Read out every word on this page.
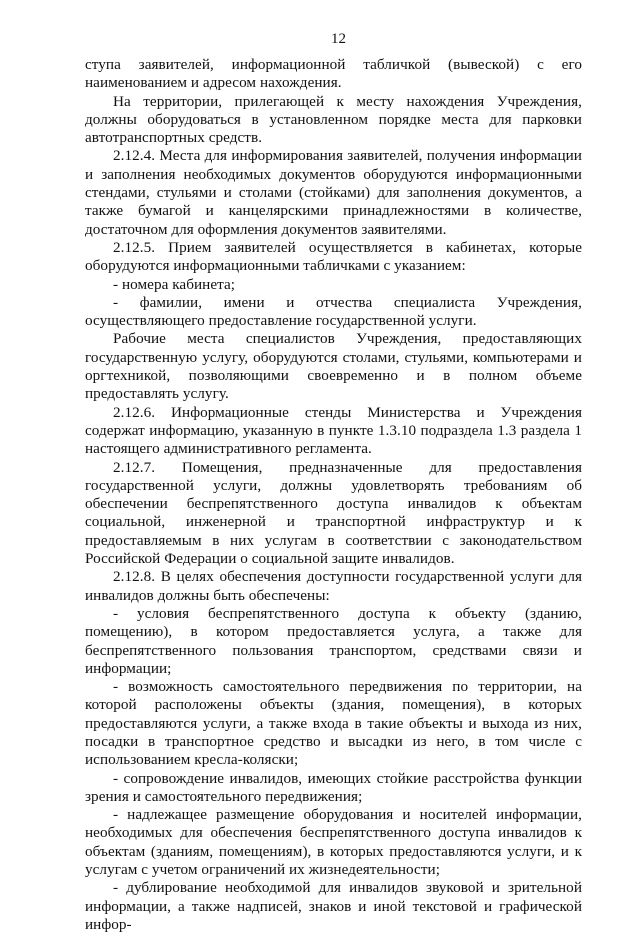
12

ступа заявителей, информационной табличкой (вывеской) с его наименованием и адресом нахождения.

На территории, прилегающей к месту нахождения Учреждения, должны оборудоваться в установленном порядке места для парковки автотранспортных средств.

2.12.4. Места для информирования заявителей, получения информации и заполнения необходимых документов оборудуются информационными стендами, стульями и столами (стойками) для заполнения документов, а также бумагой и канцелярскими принадлежностями в количестве, достаточном для оформления документов заявителями.

2.12.5. Прием заявителей осуществляется в кабинетах, которые оборудуются информационными табличками с указанием:

- номера кабинета;

- фамилии, имени и отчества специалиста Учреждения, осуществляющего предоставление государственной услуги.

Рабочие места специалистов Учреждения, предоставляющих государственную услугу, оборудуются столами, стульями, компьютерами и оргтехникой, позволяющими своевременно и в полном объеме предоставлять услугу.

2.12.6. Информационные стенды Министерства и Учреждения содержат информацию, указанную в пункте 1.3.10 подраздела 1.3 раздела 1 настоящего административного регламента.

2.12.7. Помещения, предназначенные для предоставления государственной услуги, должны удовлетворять требованиям об обеспечении беспрепятственного доступа инвалидов к объектам социальной, инженерной и транспортной инфраструктур и к предоставляемым в них услугам в соответствии с законодательством Российской Федерации о социальной защите инвалидов.

2.12.8. В целях обеспечения доступности государственной услуги для инвалидов должны быть обеспечены:

- условия беспрепятственного доступа к объекту (зданию, помещению), в котором предоставляется услуга, а также для беспрепятственного пользования транспортом, средствами связи и информации;

- возможность самостоятельного передвижения по территории, на которой расположены объекты (здания, помещения), в которых предоставляются услуги, а также входа в такие объекты и выхода из них, посадки в транспортное средство и высадки из него, в том числе с использованием кресла-коляски;

- сопровождение инвалидов, имеющих стойкие расстройства функции зрения и самостоятельного передвижения;

- надлежащее размещение оборудования и носителей информации, необходимых для обеспечения беспрепятственного доступа инвалидов к объектам (зданиям, помещениям), в которых предоставляются услуги, и к услугам с учетом ограничений их жизнедеятельности;

- дублирование необходимой для инвалидов звуковой и зрительной информации, а также надписей, знаков и иной текстовой и графической инфор-
